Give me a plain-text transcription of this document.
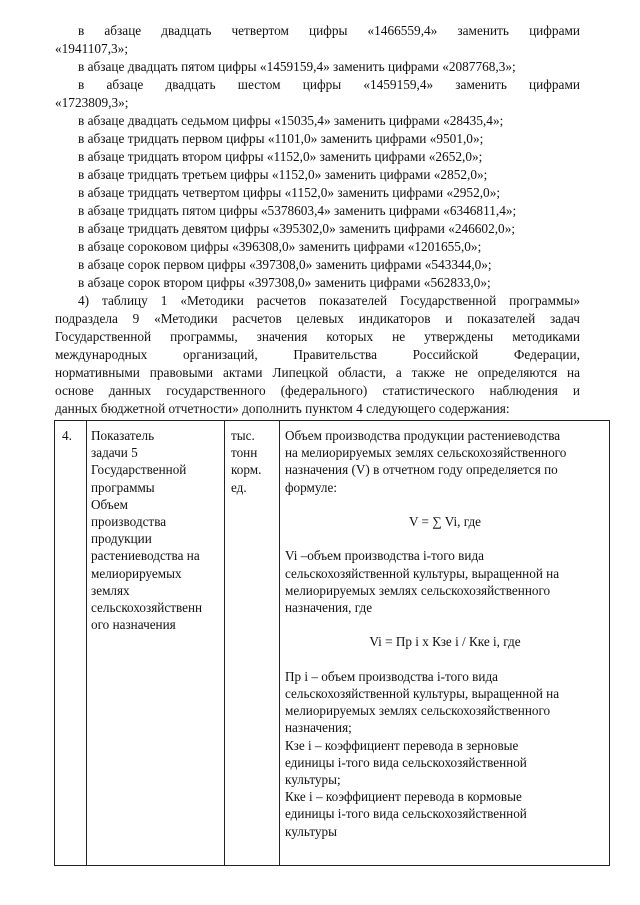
в абзаце двадцать четвертом цифры «1466559,4» заменить цифрами
«1941107,3»;
в абзаце двадцать пятом цифры «1459159,4» заменить цифрами «2087768,3»;
в абзаце двадцать шестом цифры «1459159,4» заменить цифрами
«1723809,3»;
в абзаце двадцать седьмом цифры «15035,4» заменить цифрами «28435,4»;
в абзаце тридцать первом цифры «1101,0» заменить цифрами «9501,0»;
в абзаце тридцать втором цифры «1152,0» заменить цифрами «2652,0»;
в абзаце тридцать третьем цифры «1152,0» заменить цифрами «2852,0»;
в абзаце тридцать четвертом цифры «1152,0» заменить цифрами «2952,0»;
в абзаце тридцать пятом цифры «5378603,4» заменить цифрами «6346811,4»;
в абзаце тридцать девятом цифры «395302,0» заменить цифрами «246602,0»;
в абзаце сороковом цифры «396308,0» заменить цифрами «1201655,0»;
в абзаце сорок первом цифры «397308,0» заменить цифрами «543344,0»;
в абзаце сорок втором цифры «397308,0» заменить цифрами «562833,0»;
4) таблицу 1 «Методики расчетов показателей Государственной программы»
подраздела 9 «Методики расчетов целевых индикаторов и показателей задач
Государственной программы, значения которых не утверждены методиками
международных организаций, Правительства Российской Федерации,
нормативными правовыми актами Липецкой области, а также не определяются на
основе данных государственного (федерального) статистического наблюдения и
данных бюджетной отчетности» дополнить пунктом 4 следующего содержания:

4.	Показатель

задачи 5

Государственной

программы

Объем

производства

продукции

растениеводства на

мелиорируемых

землях

сельскохозяйственн

ого назначения

тыс.

тонн

корм.

ед.

Объем производства продукции растениеводства

на мелиорируемых землях сельскохозяйственного

назначения (V) в отчетном году определяется по

формуле:

V = ∑ Vi, где

Vi –объем производства i-того вида

сельскохозяйственной культуры, выращенной на

мелиорируемых землях сельскохозяйственного

назначения, где

Vi = Пр i х Кзе i / Кке i, где

Пр i – объем производства i-того вида

сельскохозяйственной культуры, выращенной на

мелиорируемых землях сельскохозяйственного

назначения;

Кзе i – коэффициент перевода в зерновые

единицы i-того вида сельскохозяйственной

культуры;

Кке i – коэффициент перевода в кормовые

единицы i-того вида сельскохозяйственной

культуры
